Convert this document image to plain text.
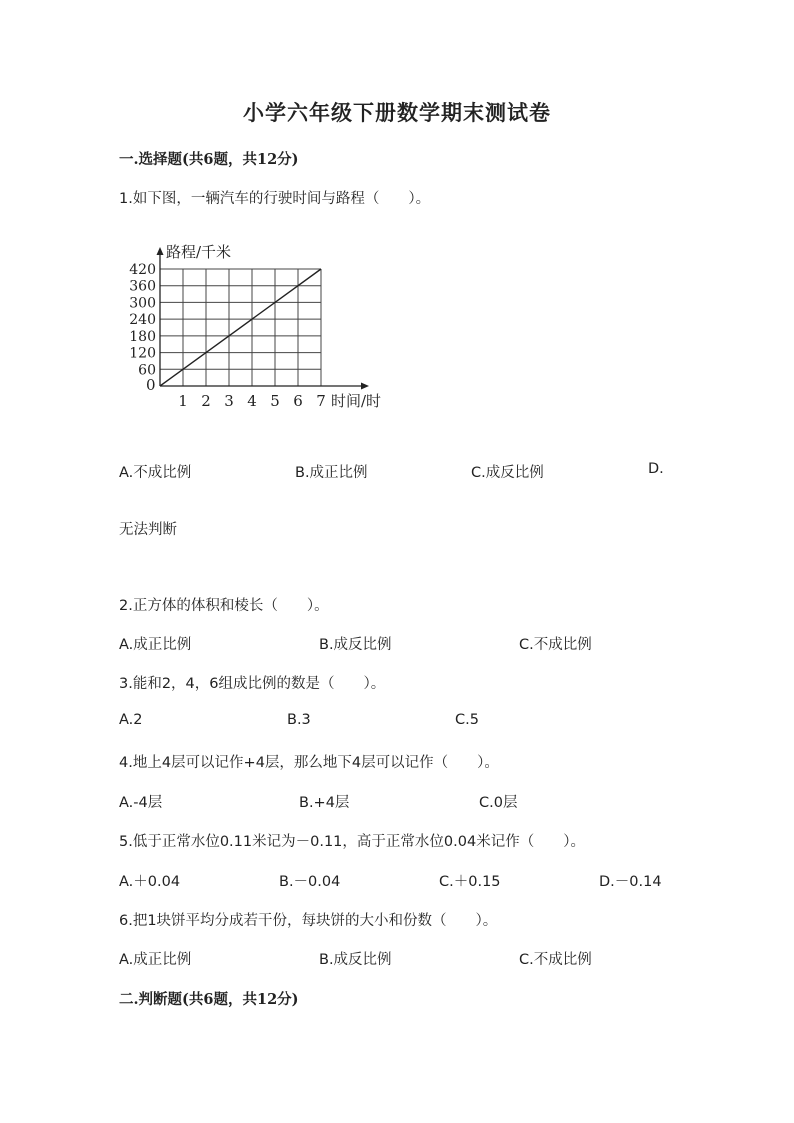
小学六年级下册数学期末测试卷
一.选择题(共6题，共12分)
1.如下图，一辆汽车的行驶时间与路程（　　）。
路程/千米
时间/时
0
1 2 3 4 5 6 7
60
120
180
240
300
360
420
A.不成比例	B.成正比例	C.成反比例	D.
无法判断
2.正方体的体积和棱长（　　）。
A.成正比例	B.成反比例	C.不成比例
3.能和2，4，6组成比例的数是（　　）。
A.2	B.3	C.5
4.地上4层可以记作+4层，那么地下4层可以记作（　　）。
A.-4层	B.+4层	C.0层
5.低于正常水位0.11米记为－0.11，高于正常水位0.04米记作（　　）。
A.＋0.04	B.－0.04	C.＋0.15	D.－0.14
6.把1块饼平均分成若干份，每块饼的大小和份数（　　）。
A.成正比例	B.成反比例	C.不成比例
二.判断题(共6题，共12分)
